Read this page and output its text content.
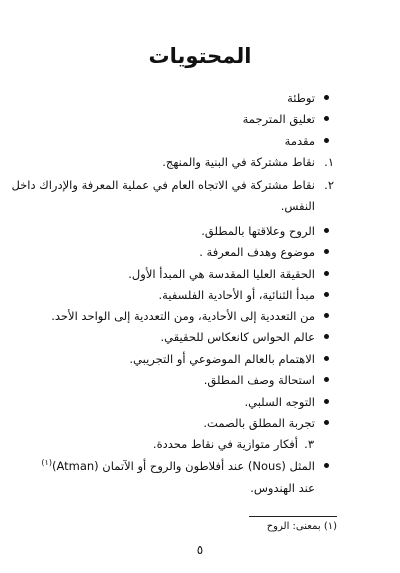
المحتويات
توطئة
تعليق المترجمة
مقدمة
١.
نقاط مشتركة في البنية والمنهج.
٢.
نقاط مشتركة في الاتجاه العام في عملية المعرفة والإدراك داخل
النفس.
الروح وعلاقتها بالمطلق.
موضوع وهدف المعرفة .
الحقيقة العليا المقدسة هي المبدأ الأول.
مبدأ الثنائية، أو الأحادية الفلسفية.
من التعددية إلى الأحادية، ومن التعددية إلى الواحد الأحد.
عالم الحواس كانعكاس للحقيقي.
الاهتمام بالعالم الموضوعي أو التجريبي.
استحالة وصف المطلق.
التوجه السلبي.
تجربة المطلق بالصمت.
٣.
أفكار متوازية في نقاط محددة.
المثل (Nous) عند أفلاطون والروح أو الآتمان (Atman)$^{(١)}$
عند الهندوس.
(١) بمعنى: الروح
٥
